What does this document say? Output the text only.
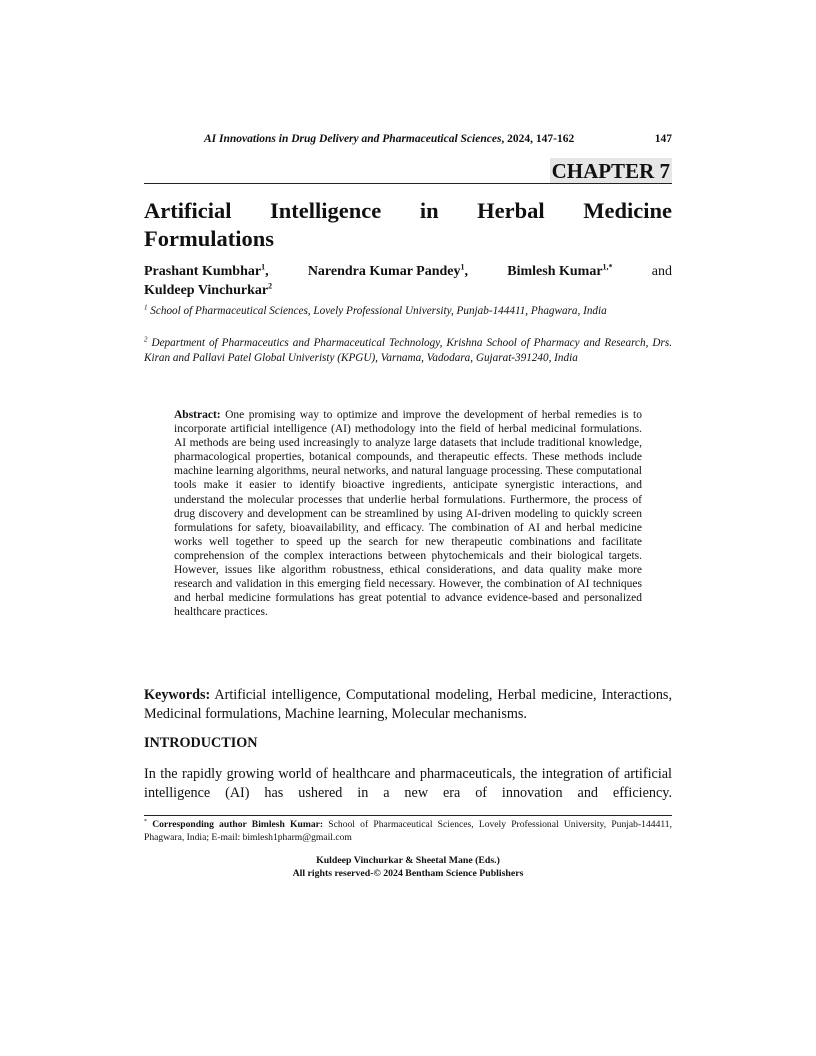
AI Innovations in Drug Delivery and Pharmaceutical Sciences, 2024, 147-162	147
CHAPTER 7
Artificial Intelligence in Herbal Medicine
Formulations
Prashant Kumbhar$^1$,	Narendra Kumar Pandey$^1$,	Bimlesh Kumar$^{1,*}$	and
Kuldeep Vinchurkar$^2$
$^1$ School of Pharmaceutical Sciences, Lovely Professional University, Punjab-144411, Phagwara, India
$^2$ Department of Pharmaceutics and Pharmaceutical Technology, Krishna School of Pharmacy and Research, Drs. Kiran and Pallavi Patel Global Univeristy (KPGU), Varnama, Vadodara, Gujarat-391240, India
Abstract: One promising way to optimize and improve the development of herbal remedies is to incorporate artificial intelligence (AI) methodology into the field of herbal medicinal formulations. AI methods are being used increasingly to analyze large datasets that include traditional knowledge, pharmacological properties, botanical compounds, and therapeutic effects. These methods include machine learning algorithms, neural networks, and natural language processing. These computational tools make it easier to identify bioactive ingredients, anticipate synergistic interactions, and understand the molecular processes that underlie herbal formulations. Furthermore, the process of drug discovery and development can be streamlined by using AI-driven modeling to quickly screen formulations for safety, bioavailability, and efficacy. The combination of AI and herbal medicine works well together to speed up the search for new therapeutic combinations and facilitate comprehension of the complex interactions between phytochemicals and their biological targets. However, issues like algorithm robustness, ethical considerations, and data quality make more research and validation in this emerging field necessary. However, the combination of AI techniques and herbal medicine formulations has great potential to advance evidence-based and personalized healthcare practices.
Keywords: Artificial intelligence, Computational modeling, Herbal medicine, Interactions, Medicinal formulations, Machine learning, Molecular mechanisms.
INTRODUCTION
In the rapidly growing world of healthcare and pharmaceuticals, the integration of artificial intelligence (AI) has ushered in a new era of innovation and efficiency.
* Corresponding author Bimlesh Kumar: School of Pharmaceutical Sciences, Lovely Professional University, Punjab-144411, Phagwara, India; E-mail: bimlesh1pharm@gmail.com
Kuldeep Vinchurkar & Sheetal Mane (Eds.)
All rights reserved-© 2024 Bentham Science Publishers
